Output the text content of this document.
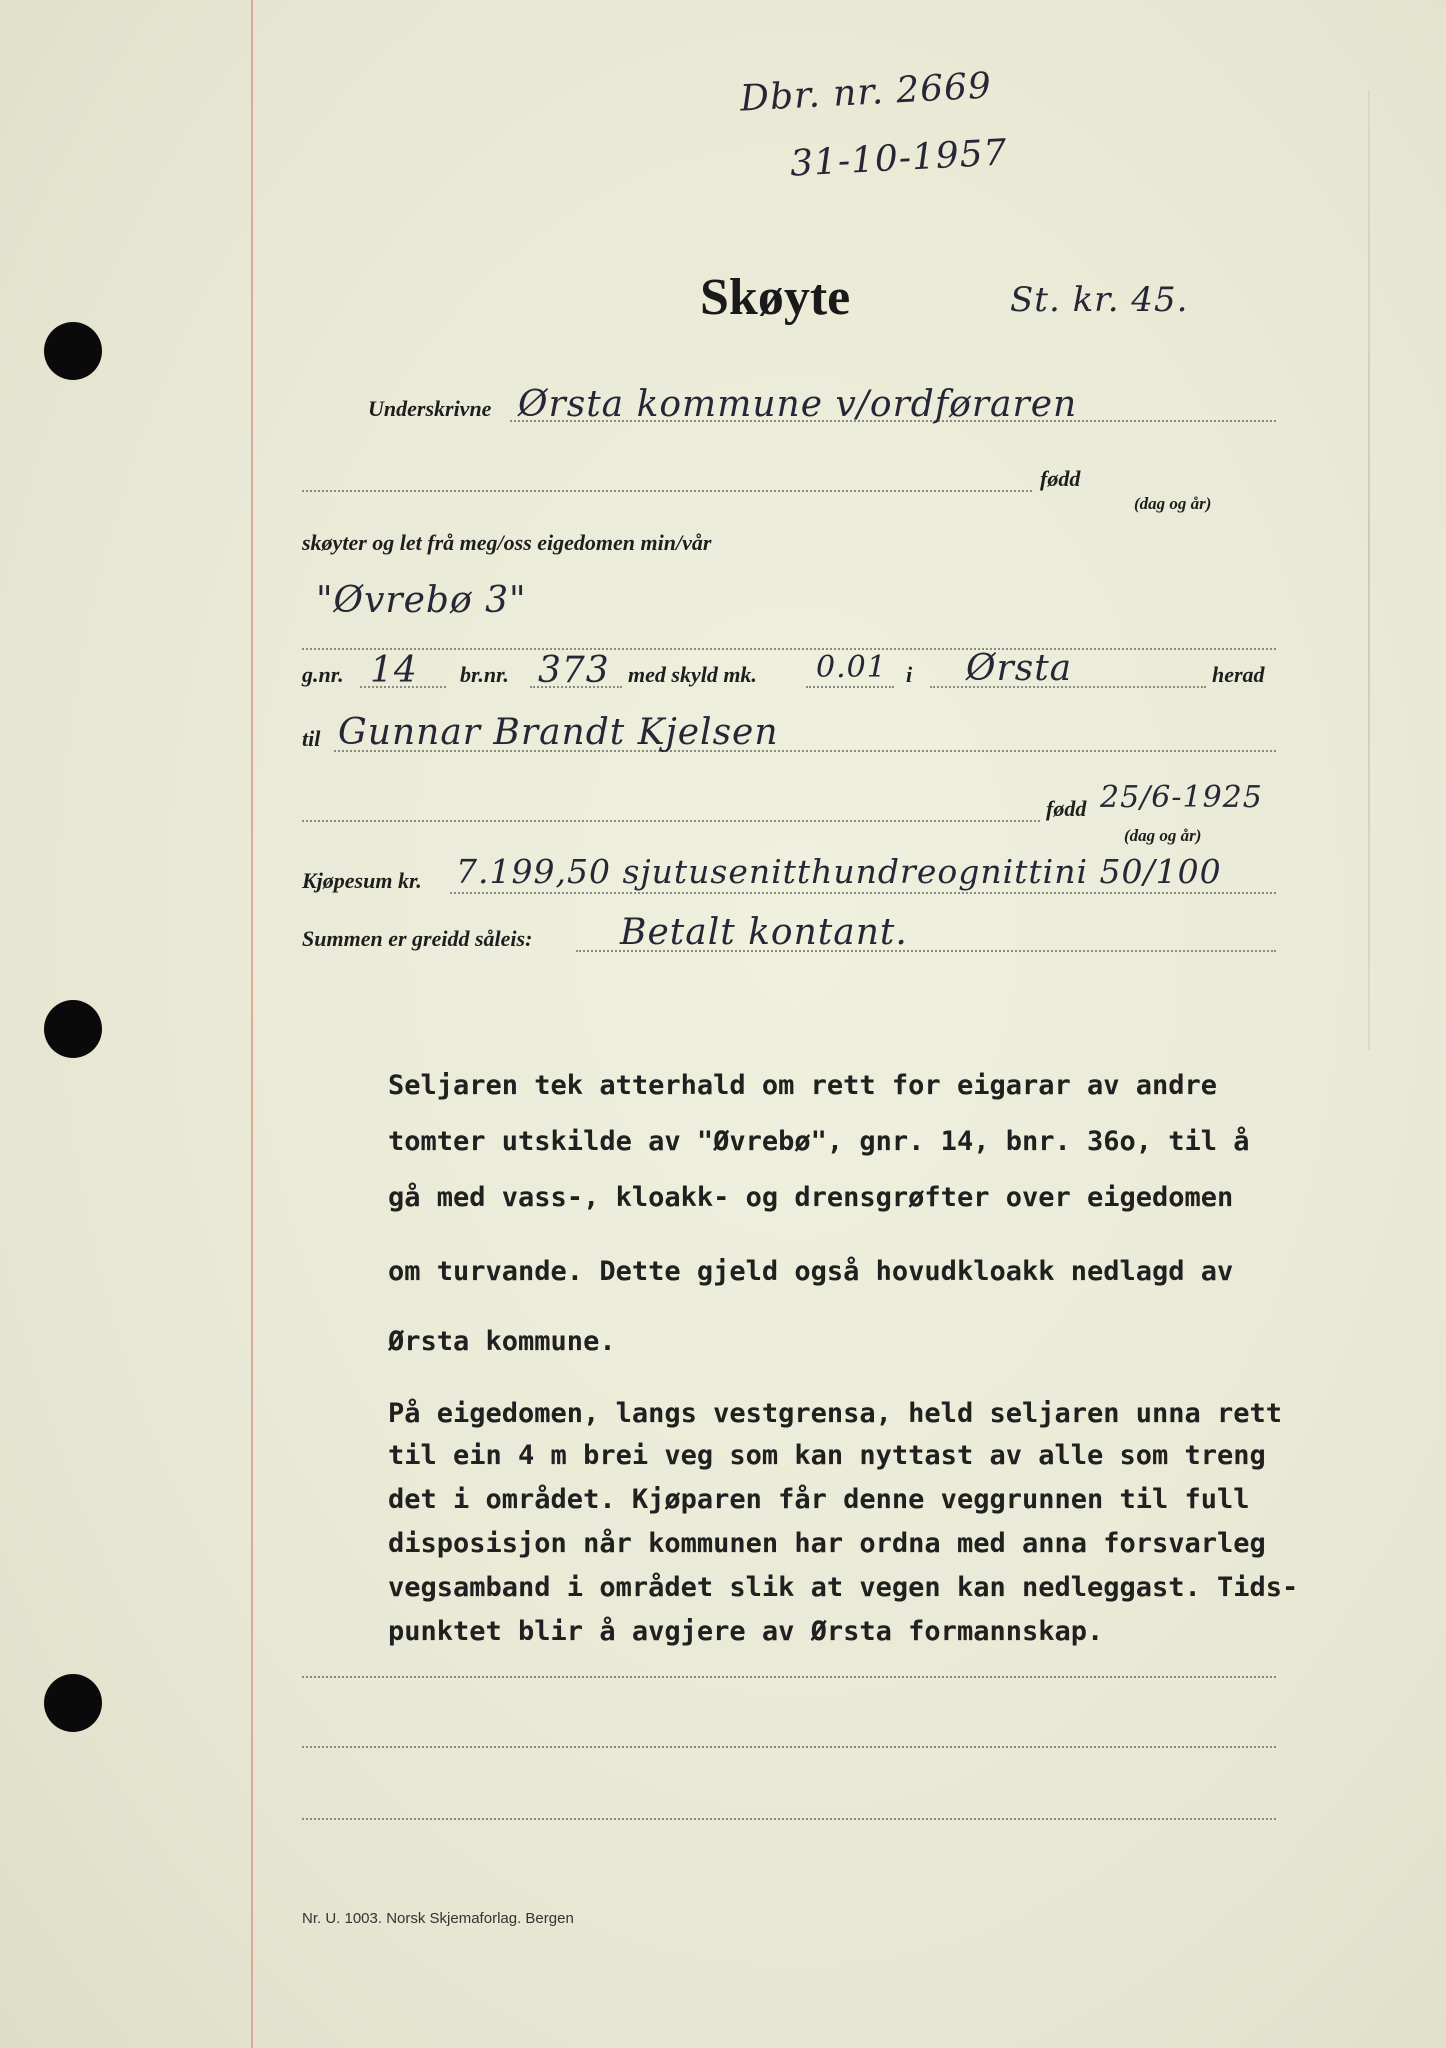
Dbr. nr. 2669
31-10-1957
Skøyte	St. kr. 45.
Underskrivne Ørsta kommune v/ordføraren
fødd
(dag og år)
skøyter og let frå meg/oss eigedomen min/vår
"Øvrebø 3"
g.nr. 14 br.nr. 373 med skyld mk. 0.01 i Ørsta	herad
til Gunnar Brandt Kjelsen
fødd 25/6-1925
(dag og år)
Kjøpesum kr. 7.199,50 sjutusenitthundreognittini 50/100
Summen er greidd såleis: Betalt kontant.
Seljaren tek atterhald om rett for eigarar av andre
tomter utskilde av "Øvrebø", gnr. 14, bnr. 36o, til å
gå med vass-, kloakk- og drensgrøfter over eigedomen
om turvande. Dette gjeld også hovudkloakk nedlagd av
Ørsta kommune.
På eigedomen, langs vestgrensa, held seljaren unna rett
til ein 4 m brei veg som kan nyttast av alle som treng
det i området. Kjøparen får denne veggrunnen til full
disposisjon når kommunen har ordna med anna forsvarleg
vegsamband i området slik at vegen kan nedleggast. Tids-
punktet blir å avgjere av Ørsta formannskap.
Nr. U. 1003. Norsk Skjemaforlag. Bergen
